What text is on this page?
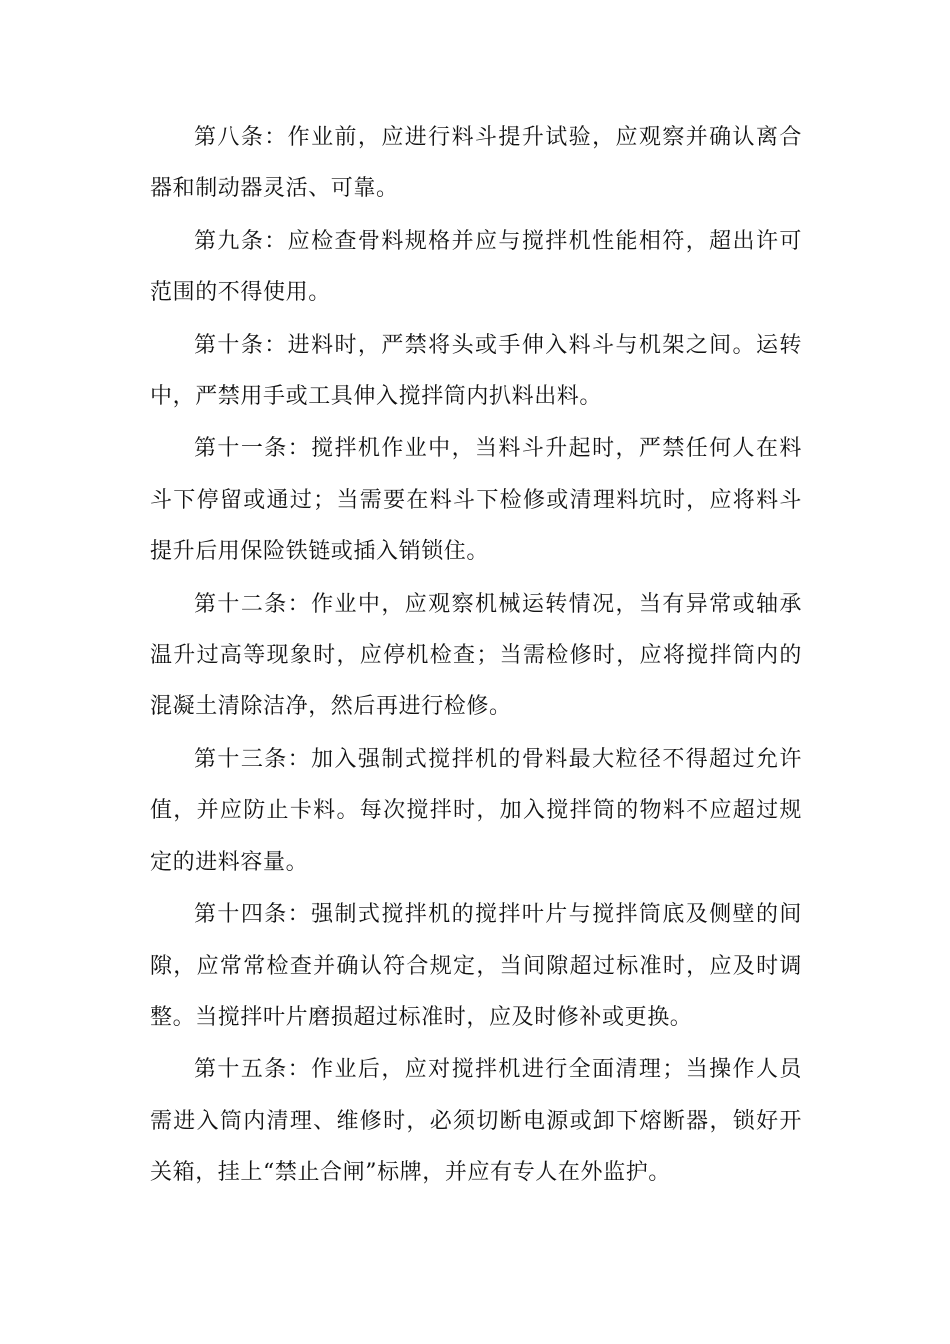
第八条：作业前，应进行料斗提升试验，应观察并确认离合器和制动器灵活、可靠。

第九条：应检查骨料规格并应与搅拌机性能相符，超出许可范围的不得使用。

第十条：进料时，严禁将头或手伸入料斗与机架之间。运转中，严禁用手或工具伸入搅拌筒内扒料出料。

第十一条：搅拌机作业中，当料斗升起时，严禁任何人在料斗下停留或通过；当需要在料斗下检修或清理料坑时，应将料斗提升后用保险铁链或插入销锁住。

第十二条：作业中，应观察机械运转情况，当有异常或轴承温升过高等现象时，应停机检查；当需检修时，应将搅拌筒内的混凝土清除洁净，然后再进行检修。

第十三条：加入强制式搅拌机的骨料最大粒径不得超过允许值，并应防止卡料。每次搅拌时，加入搅拌筒的物料不应超过规定的进料容量。

第十四条：强制式搅拌机的搅拌叶片与搅拌筒底及侧壁的间隙，应常常检查并确认符合规定，当间隙超过标准时，应及时调整。当搅拌叶片磨损超过标准时，应及时修补或更换。

第十五条：作业后，应对搅拌机进行全面清理；当操作人员需进入筒内清理、维修时，必须切断电源或卸下熔断器，锁好开关箱，挂上“禁止合闸”标牌，并应有专人在外监护。
